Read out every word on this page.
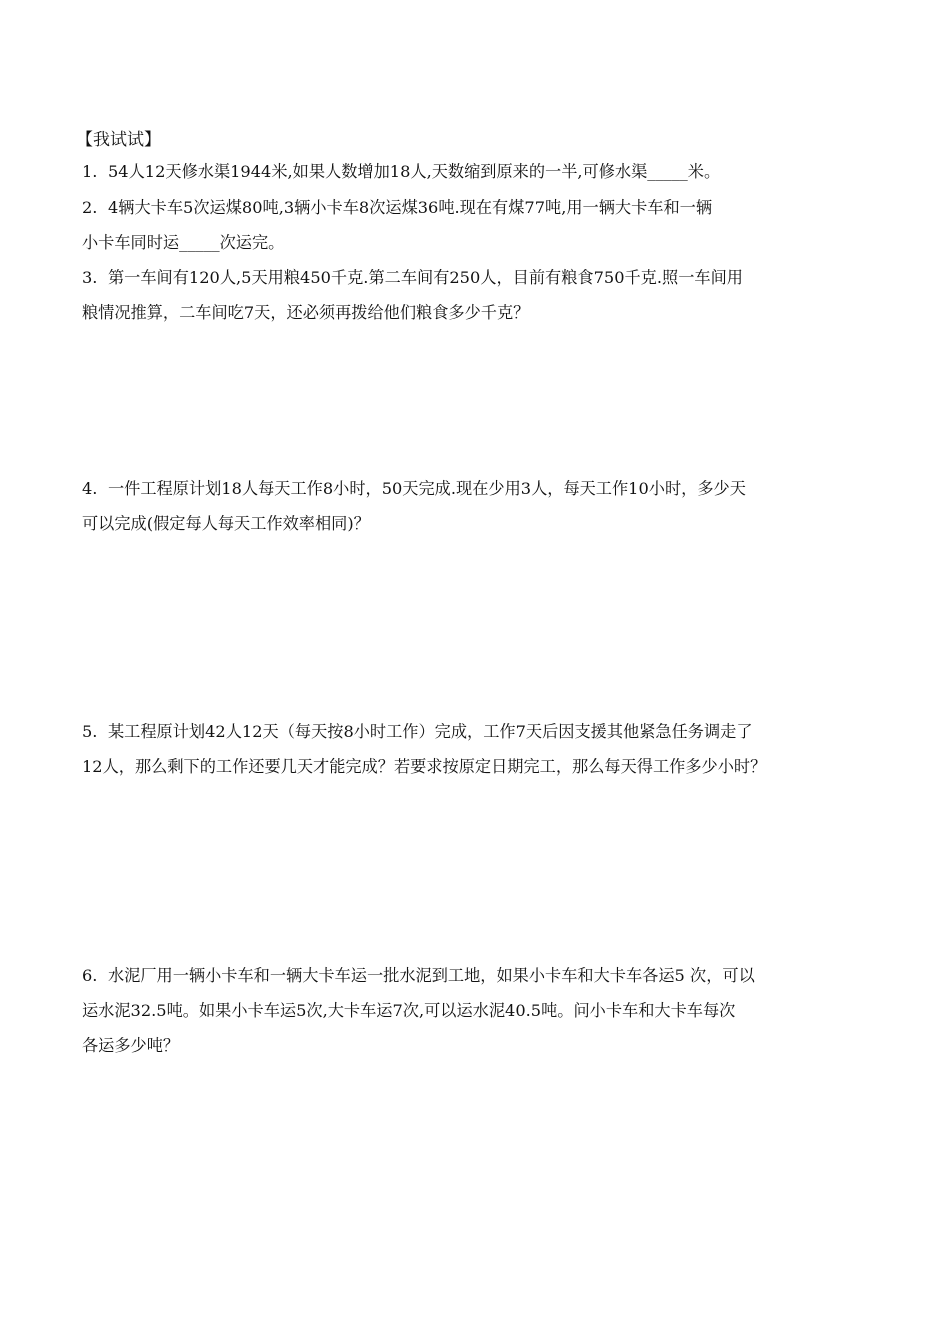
【我试试】
1. 54人12天修水渠1944米,如果人数增加18人,天数缩到原来的一半,可修水渠_____米。
2. 4辆大卡车5次运煤80吨,3辆小卡车8次运煤36吨.现在有煤77吨,用一辆大卡车和一辆
小卡车同时运_____次运完。
3. 第一车间有120人,5天用粮450千克.第二车间有250人，目前有粮食750千克.照一车间用
粮情况推算，二车间吃7天，还必须再拨给他们粮食多少千克？
4. 一件工程原计划18人每天工作8小时，50天完成.现在少用3人，每天工作10小时，多少天
可以完成(假定每人每天工作效率相同)？
5. 某工程原计划42人12天（每天按8小时工作）完成，工作7天后因支援其他紧急任务调走了
12人，那么剩下的工作还要几天才能完成？若要求按原定日期完工，那么每天得工作多少小时？
6. 水泥厂用一辆小卡车和一辆大卡车运一批水泥到工地，如果小卡车和大卡车各运5 次，可以
运水泥32.5吨。如果小卡车运5次,大卡车运7次,可以运水泥40.5吨。问小卡车和大卡车每次
各运多少吨？
